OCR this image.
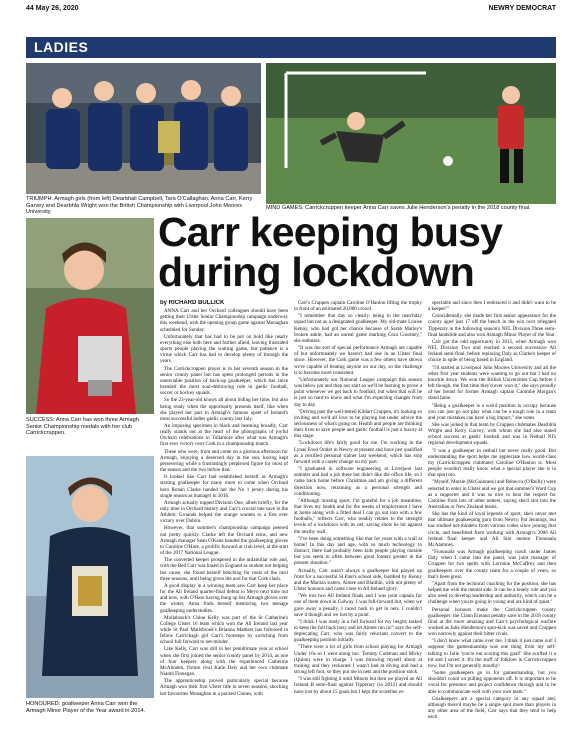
44 May 26, 2020	NEWRY DEMOCRAT
LADIES
TRIUMPH: Armagh girls (from left) Dearbhail Campbell, Tara O'Callaghan, Anna Carr, Kerry Garvey and Dearbhla Wright won the British Championship with Liverpool John Moores University.
MIND GAMES: Carrickcruppen keeper Anna Carr saves Julie Henderson's penalty in the 2018 county final.
SUCCESS: Anna Carr has won three Armagh Senior Championship medals with her club Carrickcruppen.
HONOURED: goalkeeper Anna Carr won the Armagh Minor Player of the Year award in 2014.
Carr keeping busy during lockdown
by RICHARD BULLICK

ANNA Carr and her Orchard colleagues should have been getting their Ulster Senior Championship campaign underway this weekend, with the opening group game against Monaghan scheduled for Sunday.

Unfortunately that has had to be put on hold like nearly everything else both here and further afield, leaving frustrated sports people playing the waiting game, but patience is a virtue which Carr has had to develop plenty of through the years.

The Carrickcruppen player is in her seventh season in the senior county panel but has spent prolonged periods in the unenviable position of back-up goalkeeper, which has since branded the most soul-destroying role in gaelic football, soccer or hockey squads.

So the 23-year-old knows all about biding her time, but also being ready when the opportunity presents itself, like when she played her part in Armagh's famous upset of Ireland's most successful ladies gaelic county last July.

An imposing specimen in black and beaming broadly, Carr really stands out at the heart of the photographs of joyful Orchard celebrations in Tullamore after what was Armagh's first ever victory over Cork in a championship match.

These who were, from and come on a glorious afternoon for Armagh, enjoying a deserved day in the sun, having kept persevering while a frustratingly perplexed figure for most of the season and the two before that.

It looked like Carr had established herself as Armagh's starting goalkeeper for many more to come when Orchard hero Ronan Clarke handed her the No 1 jersey during his single season as manager in 2016.

Armagh actually topped Division One, albeit briefly, for the only time in Orchard history and Carr's crucial late save in the Athletic Grounds helped the orange women to a first ever victory over Dublin.

However, that summer's championship campaign petered out pretty quickly. Clarke left the Orchard reins, and new Armagh manager Sean O'Kane handed the goalkeeping gloves to Caroline O'Hare, a prolific forward at club level, at the start of the 2017 National League.

The converted keeper prospered in the unfamiliar role and, with the Bed Carr was based in England as student not helping her cause, she found herself benching for most of the next three seasons, until being given the nod for that Cork clash.

A good display in a winning team saw Carr keep her place for the All Ireland quarter-final defeat to Meyo next time out and now, with O'Hare having hung up her Armagh gloves over the winter, Anna finds herself mentoring two teenage goalkeeping understudies.

Mullabrack's Chloe Kelly was part of the St Catherine's College Ulster 16 team which won the All Ireland last year while St Paul Mallsbrook's Brianna Mathers has followed in fellow Carrickagh girl Carr's footsteps by switching from school full forward to net-minder.

Like Kelly, Carr was still in her penultimate year at school when she first joined the senior county panel by 2014, as one of four keepers along with the experienced Catherine McAlinden, fixture rival Katie Daly and her own clubmate Niamh Finnegan.

The apprenticeship proved particularly special because Armagh won their first Ulster title in seven seasons, shocking hot favourites Monaghan in a packed Clones, with

Carr's Cruppen captain Caroline O'Hanlon lifting the trophy in front of an estimated 20,000 crowd.

"I remember that day so clearly, being in the matchday squad but not as a designated goalkeeper. My old-mate Louise Kenny, who had got her chance because of Sarah Marley's broken ankle, had an unreal game marking Cora Courtney," she enthuses.

"It was the sort of special performance Armagh are capable of but unfortunately we haven't had one in an Ulster final since. However, the Cork game was a few others have shown we're capable of beating anyone on our day, so the challenge is to become more consistent.

"Unfortunately our National League campaign this season was below par and then our start so we'll be burning to prove a point whenever we get back to football, but when that will be is just so hard to know and what I'm expecting changes from day to day.

"Driving past the well-tested Kildart Cruppen, it's looking so inviting and we'd all love to be playing but under advice the seriousness of what's going on. Health and people are thinking their lives to save people and gaelic football is just a luxury at this stage.

"Lockdown life's fairly good for me. I'm working in the Lynas Food Outlet in Newry at present and have just qualified as a certified personal trainer last weekend, which has stop forward with a career change on my part.

"I graduated in software engineering at Liverpool last summer and had a job there but didn't like the office life, so I came back home before Christmas and am giving a different direction now, retraining as a personal strength and conditioning.

"Although missing sport, I'm grateful for a job meantime, that lives my health and for the weeks of employment I have at home along with a fitted deal I can go out into with a few footballs," reflects Carr, who readily relates to the strength levels of a lockdown with its net, saving shots he hit against the nearby wall.

"I've been doing something like that for years with a wall at home! In this day and age, with so much technology to distract, there had probably been kids people playing outside but you seem to often between great footers greater in the present situation."

Actually, Carr wasn't always a goalkeeper but played up front for a successful St Paul's school side, buddied by Kenny and the Mackin sisters, Aimee and Blaithin, with not plenty of Ulster honours and came close to All Ireland glory.

"We lost two All Ireland finals and I was joint captain for one of them down in Galway. I was full-forward but, when we gave away a penalty, I raced back to get in nets. I couldn't save it though and we lost by a point.

"I think I was ready in a full forward for my height; tasked to keep the full back busy and let Aimee run in!" says the self-deprecating Carr, who was fairly reluctant convert to the goalkeeping position initially.

"There were a lot of girls from school playing for Armagh Under 16s so I went along too. Tommy Coleman and Micky (Quinn) were in charge. I was throwing myself about at training and they reckoned I wasn't bad at diving and had a strong left foot, so they put me in nets and the position stuck.

"I was still fighting it until Minors but then we played an All Ireland B semi-final against Tipperary (in 2012) and should have lost by about 15 goals but I kept the scoreline re-

spectable and since then I embraced it and didn't want to be a keeper!"

Coincidentally, she made her first senior appearance for the county aged just 17 off the bench in the win over relegated Tipperary in the following season's NFL Division Three semi-final landslide and also won Armagh Minor Player of the Year.

Carr got the odd opportunity in 2015, when Armagh won NFL Division Two and reached a second successive All Ireland semi-final, before replacing Daly as Clarke's keeper of choice in spite of being based in England.

"I'd started at Liverpool John Moores University and all the other first year students were wanting to go out but I had no knuckle down. We won the British Universities Cup before I left though, the first time they'd ever won it," she says proudly of her breast for former Armagh captain Caoimhe Morgan's stand fame.

"Being a goalkeeper is a weird position to occupy because you can just go not play what can be a tough role in a team and your mistakes can have a big impact," she notes.

She was joined in that team by Cruppen clubmates Dearbhla Wright and Kerry Garvey, with whom she had also stated school success at gaelic football and was in Netball NI's regional development squads.

"I was a goalkeeper in netball but never really good. But understanding the sport helps me appreciate how world-class my (Carrickcruppen clubmate) Caroline O'Hanlon is. Most people wouldn't really know what a special player she is in that sport too.

"Myself, Marsie (McGuinness) and Rebecca (O'Reilly) were selected to enter in Ulster and we got that summer's Ward Cup as a supporter and it was so nice to hear the respect for Caroline from lots of other netters, saying she'd slot into the Australian or New Zealand teams.

She has the kind of loyal legends of sport, she's never met that ultimate goalkeeping guru from Newry, Pat Jennings, but has studied net-minders from various codes since joining that circle, and benefitted from working with Armagh's 2006 All Ireland final keeper and All Star mentor Fionnuala McAtamney.

"Fionnuala was Armagh goalkeeping coach under James Daly when I came into the panel, was joint manager of Cruppen for two spells with Lorraine McCaffrey and then goalkeepers over the county team for a couple of years, so that's been great.

"Apart from the technical coaching for the position, she has helped me with the mental side. It can be a lonely role and you also need to develop leadership and authority, which can be a challenge when you're going in young and are kind of quiet."

Personal honours make the Carrickcruppen county goalkeeper: the Clann Eireann penalty save in the 2018 county final at the more amazing and Carr's psychological warfare worked as Julie Henderson's spot-kick was saved and Cruppen won narrowly against their bitter rivals.

"I don't know what came over me, I think it just came out! I suppose the gamesmanship was one thing from my self-talking to Julie 'you're not scoring this goal!' She scuffed it a bit and I saved it. It's the stuff of folklore in Carrickcruppen now, but I'm not generally mouthy!

"Some goalkeepers go in for gamesmanship, but you shouldn't count on pulling opponents off. It is important to be vocal for presence and project confidence through and to be able to communicate well with your own team."

Goalkeepers are a special category in any squad and, although there'd maybe be a single spot more than players in any other area of the field, Carr says that they tend to help each
